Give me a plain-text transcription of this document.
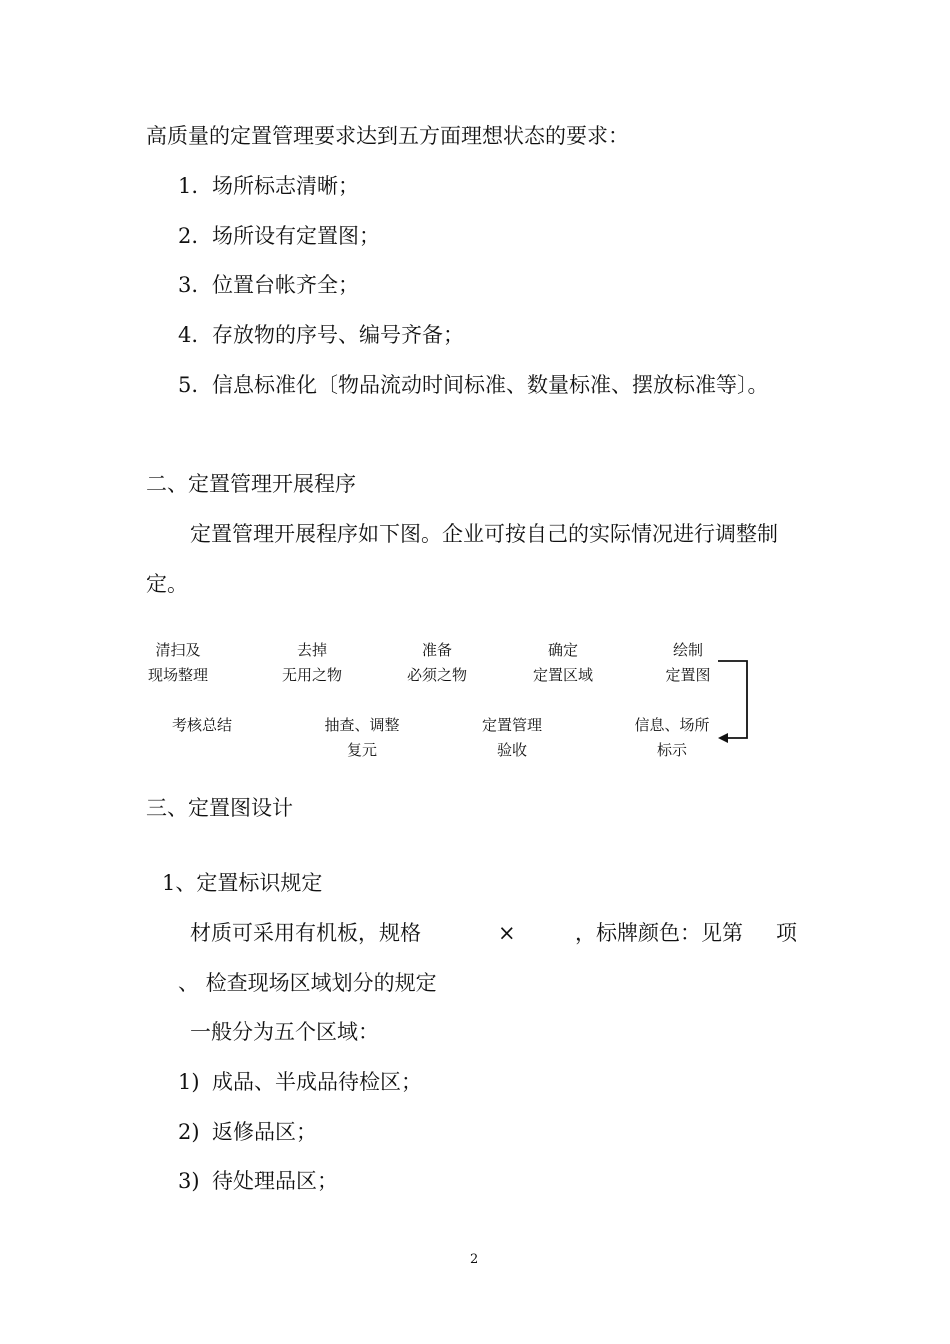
高质量的定置管理要求达到五方面理想状态的要求：
1. 场所标志清晰；
2. 场所设有定置图；
3. 位置台帐齐全；
4. 存放物的序号、编号齐备；
5. 信息标准化〔物品流动时间标准、数量标准、摆放标准等〕。
二、定置管理开展程序
定置管理开展程序如下图。企业可按自己的实际情况进行调整制
定。
清扫及
现场整理
去掉
无用之物
准备
必须之物
确定
定置区域
绘制
定置图
考核总结	抽查、调整
复元
定置管理
验收
信息、场所
标示
三、定置图设计
1、定置标识规定
材质可采用有机板，规格	×	，标牌颜色：见第 项
、 检查现场区域划分的规定
一般分为五个区域：
1) 成品、半成品待检区；
2) 返修品区；
3) 待处理品区；
2
